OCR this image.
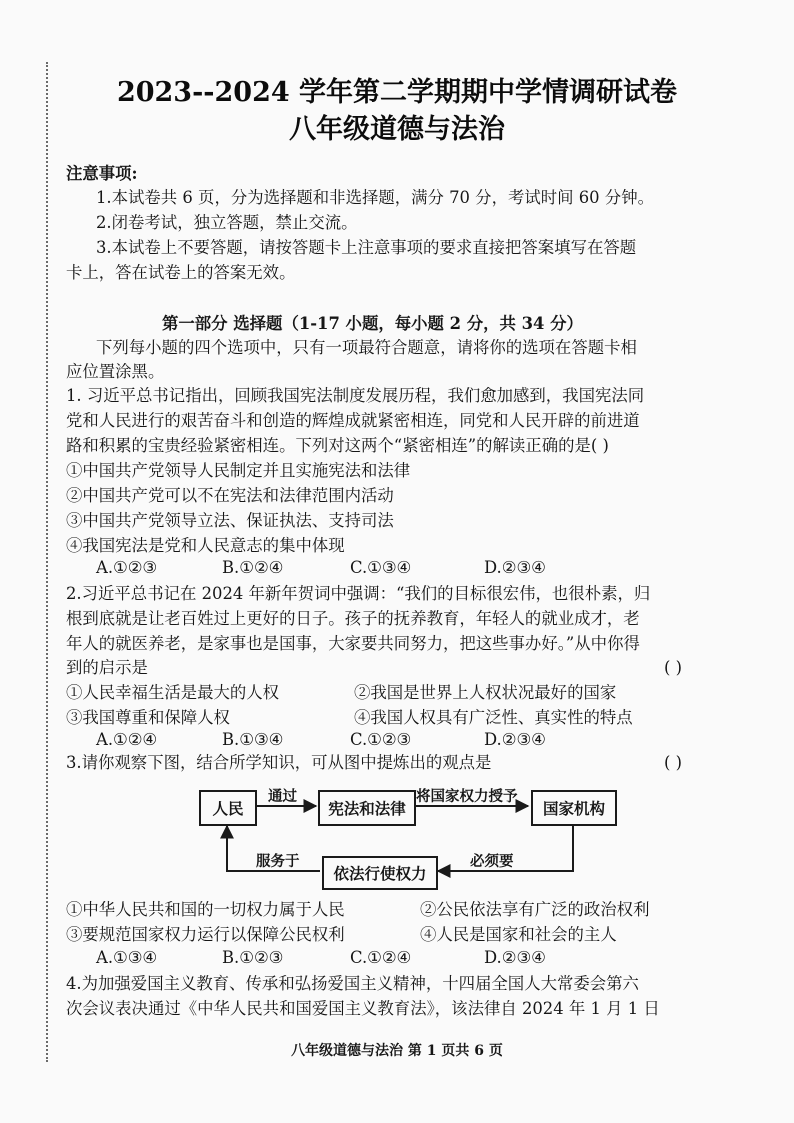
2023--2024 学年第二学期期中学情调研试卷
八年级道德与法治
注意事项:
1.本试卷共 6 页，分为选择题和非选择题，满分 70 分，考试时间 60 分钟。
2.闭卷考试，独立答题，禁止交流。
3.本试卷上不要答题，请按答题卡上注意事项的要求直接把答案填写在答题
卡上，答在试卷上的答案无效。
第一部分 选择题（1-17 小题，每小题 2 分，共 34 分）
下列每小题的四个选项中，只有一项最符合题意，请将你的选项在答题卡相
应位置涂黑。
1. 习近平总书记指出，回顾我国宪法制度发展历程，我们愈加感到，我国宪法同
党和人民进行的艰苦奋斗和创造的辉煌成就紧密相连，同党和人民开辟的前进道
路和积累的宝贵经验紧密相连。下列对这两个“紧密相连”的解读正确的是( )
①中国共产党领导人民制定并且实施宪法和法律
②中国共产党可以不在宪法和法律范围内活动
③中国共产党领导立法、保证执法、支持司法
④我国宪法是党和人民意志的集中体现
A.①②③	B.①②④	C.①③④	D.②③④
2.习近平总书记在 2024 年新年贺词中强调：“我们的目标很宏伟，也很朴素，归
根到底就是让老百姓过上更好的日子。孩子的抚养教育，年轻人的就业成才，老
年人的就医养老，是家事也是国事，大家要共同努力，把这些事办好。”从中你得
到的启示是	( )
①人民幸福生活是最大的人权	②我国是世界上人权状况最好的国家
③我国尊重和保障人权	④我国人权具有广泛性、真实性的特点
A.①②④	B.①③④	C.①②③	D.②③④
3.请你观察下图，结合所学知识，可从图中提炼出的观点是	( )
人民	宪法和法律	国家机构
依法行使权力
通过	将国家权力授予
服务于	必须要
①中华人民共和国的一切权力属于人民	②公民依法享有广泛的政治权利
③要规范国家权力运行以保障公民权利	④人民是国家和社会的主人
A.①③④	B.①②③	C.①②④	D.②③④
4.为加强爱国主义教育、传承和弘扬爱国主义精神，十四届全国人大常委会第六
次会议表决通过《中华人民共和国爱国主义教育法》，该法律自 2024 年 1 月 1 日
八年级道德与法治 第 1 页共 6 页
